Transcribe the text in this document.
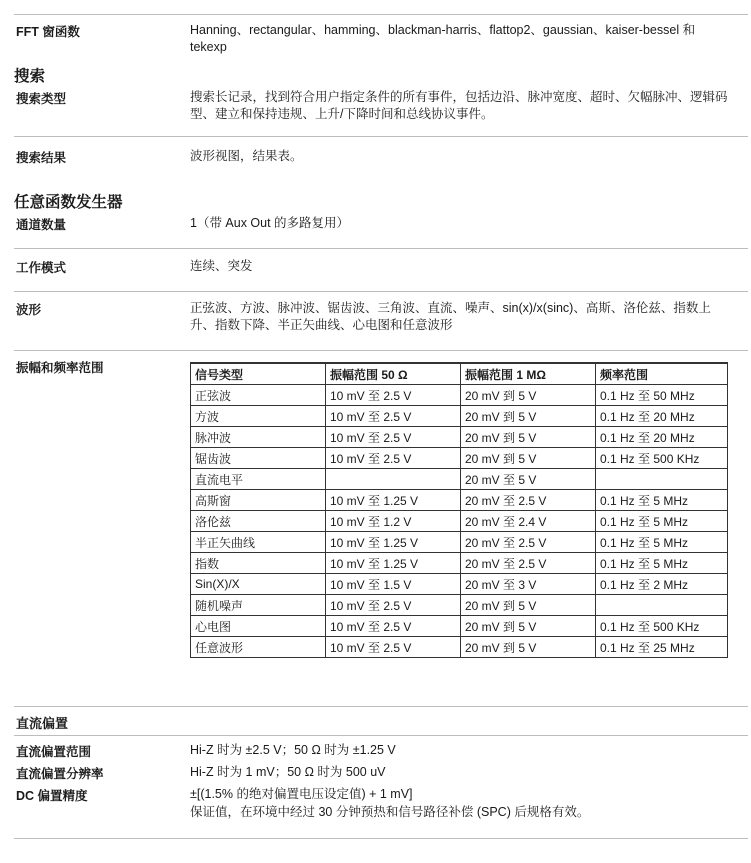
FFT 窗函数	Hanning、rectangular、hamming、blackman-harris、flattop2、gaussian、kaiser-bessel 和 tekexp
搜索
搜索类型	搜索长记录，找到符合用户指定条件的所有事件，包括边沿、脉冲宽度、超时、欠幅脉冲、逻辑码型、建立和保持违规、上升/下降时间和总线协议事件。
搜索结果	波形视图，结果表。
任意函数发生器
通道数量	1（带 Aux Out 的多路复用）
工作模式	连续、突发
波形	正弦波、方波、脉冲波、锯齿波、三角波、直流、噪声、sin(x)/x(sinc)、高斯、洛伦兹、指数上升、指数下降、半正矢曲线、心电图和任意波形
振幅和频率范围	信号类型	振幅范围 50 Ω	振幅范围 1 MΩ	频率范围
正弦波	10 mV 至 2.5 V	20 mV 到 5 V	0.1 Hz 至 50 MHz
方波	10 mV 至 2.5 V	20 mV 到 5 V	0.1 Hz 至 20 MHz
脉冲波	10 mV 至 2.5 V	20 mV 到 5 V	0.1 Hz 至 20 MHz
锯齿波	10 mV 至 2.5 V	20 mV 到 5 V	0.1 Hz 至 500 KHz
直流电平		20 mV 至 5 V	
高斯窗	10 mV 至 1.25 V	20 mV 至 2.5 V	0.1 Hz 至 5 MHz
洛伦兹	10 mV 至 1.2 V	20 mV 至 2.4 V	0.1 Hz 至 5 MHz
半正矢曲线	10 mV 至 1.25 V	20 mV 至 2.5 V	0.1 Hz 至 5 MHz
指数	10 mV 至 1.25 V	20 mV 至 2.5 V	0.1 Hz 至 5 MHz
Sin(X)/X	10 mV 至 1.5 V	20 mV 至 3 V	0.1 Hz 至 2 MHz
随机噪声	10 mV 至 2.5 V	20 mV 到 5 V	
心电图	10 mV 至 2.5 V	20 mV 到 5 V	0.1 Hz 至 500 KHz
任意波形	10 mV 至 2.5 V	20 mV 到 5 V	0.1 Hz 至 25 MHz
直流偏置
直流偏置范围	Hi-Z 时为 ±2.5 V；50 Ω 时为 ±1.25 V
直流偏置分辨率	Hi-Z 时为 1 mV；50 Ω 时为 500 uV
DC 偏置精度	±[(1.5% 的绝对偏置电压设定值) + 1 mV]
保证值，在环境中经过 30 分钟预热和信号路径补偿 (SPC) 后规格有效。
